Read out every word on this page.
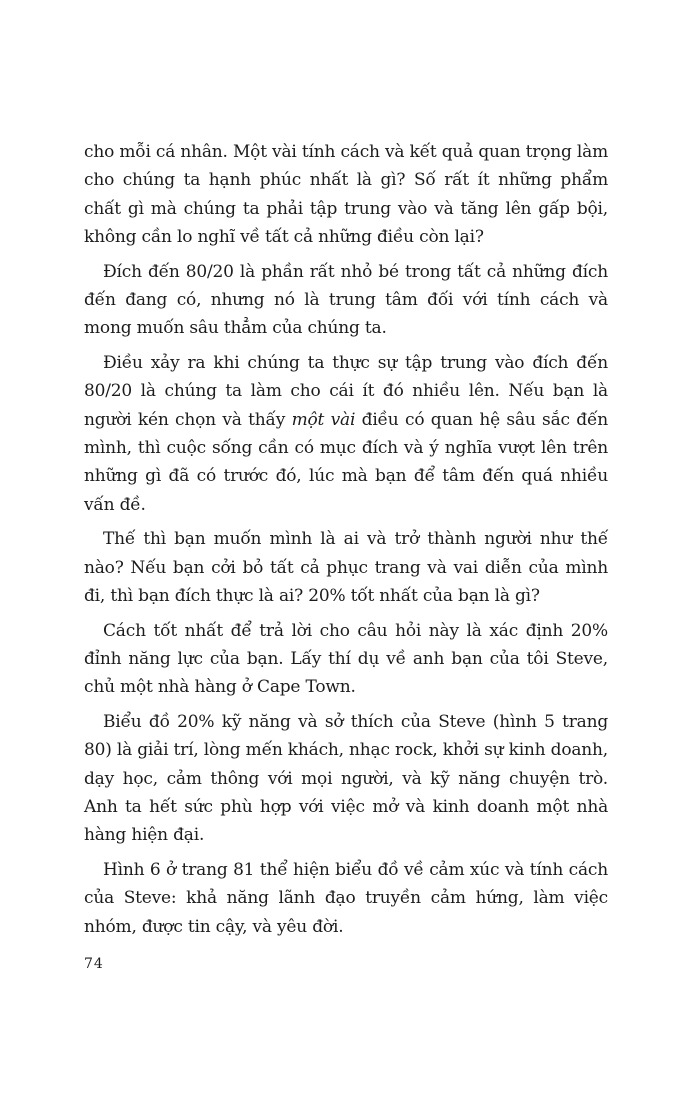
cho mỗi cá nhân. Một vài tính cách và kết quả quan trọng làm cho chúng ta hạnh phúc nhất là gì? Số rất ít những phẩm chất gì mà chúng ta phải tập trung vào và tăng lên gấp bội, không cần lo nghĩ về tất cả những điều còn lại?

Đích đến 80/20 là phần rất nhỏ bé trong tất cả những đích đến đang có, nhưng nó là trung tâm đối với tính cách và mong muốn sâu thẳm của chúng ta.

Điều xảy ra khi chúng ta thực sự tập trung vào đích đến 80/20 là chúng ta làm cho cái ít đó nhiều lên. Nếu bạn là người kén chọn và thấy một vài điều có quan hệ sâu sắc đến mình, thì cuộc sống cần có mục đích và ý nghĩa vượt lên trên những gì đã có trước đó, lúc mà bạn để tâm đến quá nhiều vấn đề.

Thế thì bạn muốn mình là ai và trở thành người như thế nào? Nếu bạn cởi bỏ tất cả phục trang và vai diễn của mình đi, thì bạn đích thực là ai? 20% tốt nhất của bạn là gì?

Cách tốt nhất để trả lời cho câu hỏi này là xác định 20% đỉnh năng lực của bạn. Lấy thí dụ về anh bạn của tôi Steve, chủ một nhà hàng ở Cape Town.

Biểu đồ 20% kỹ năng và sở thích của Steve (hình 5 trang 80) là giải trí, lòng mến khách, nhạc rock, khởi sự kinh doanh, dạy học, cảm thông với mọi người, và kỹ năng chuyện trò. Anh ta hết sức phù hợp với việc mở và kinh doanh một nhà hàng hiện đại.

Hình 6 ở trang 81 thể hiện biểu đồ về cảm xúc và tính cách của Steve: khả năng lãnh đạo truyền cảm hứng, làm việc nhóm, được tin cậy, và yêu đời.

74
